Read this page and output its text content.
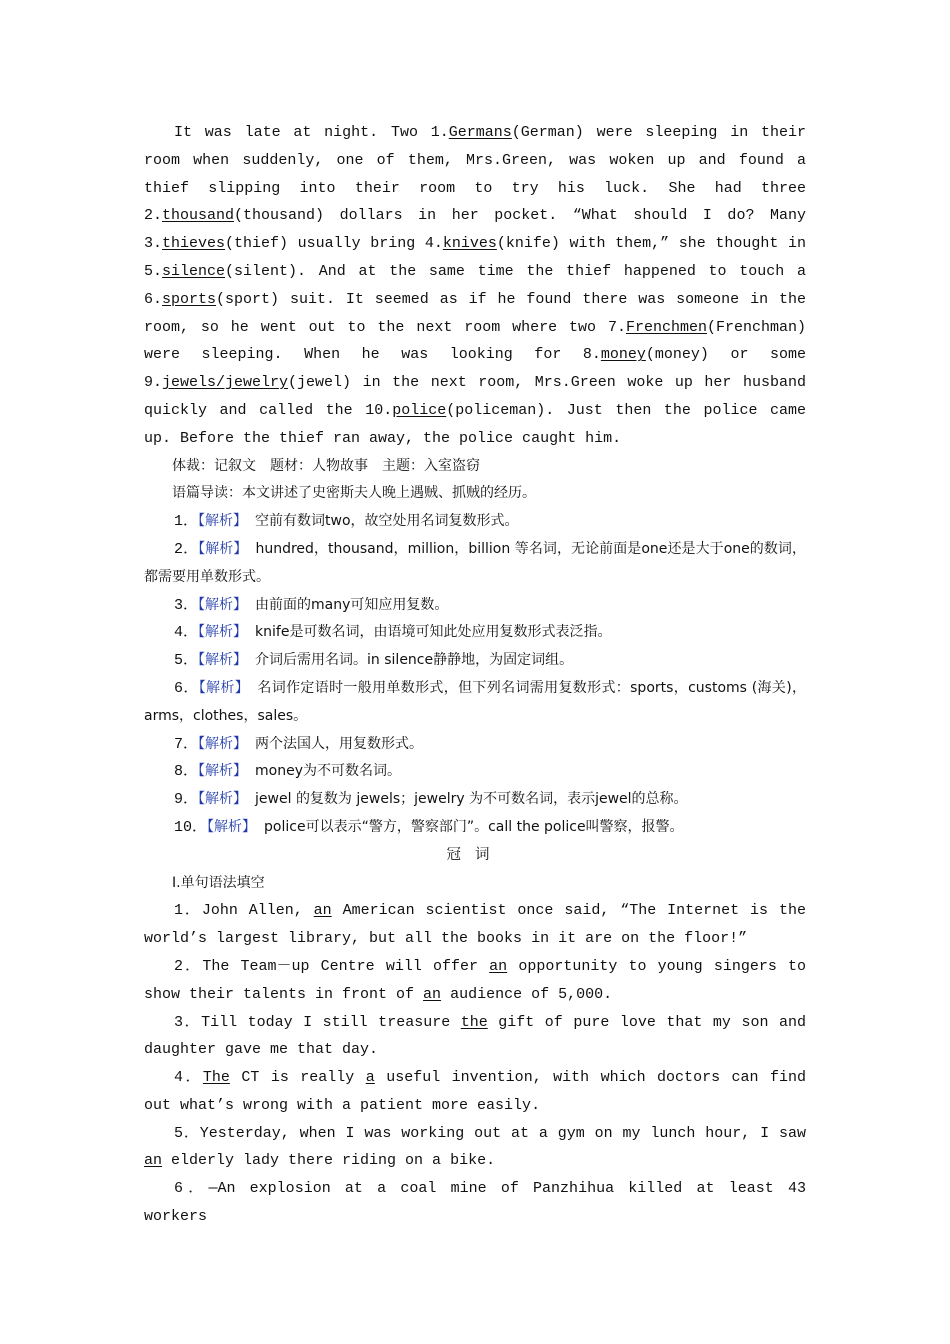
It was late at night. Two 1.Germans(German) were sleeping in their room when suddenly, one of them, Mrs.Green, was woken up and found a thief slipping into their room to try his luck. She had three 2.thousand(thousand) dollars in her pocket. “What should I do? Many 3.thieves(thief) usually bring 4.knives(knife) with them,” she thought in 5.silence(silent). And at the same time the thief happened to touch a 6.sports(sport) suit. It seemed as if he found there was someone in the room, so he went out to the next room where two 7.Frenchmen(Frenchman) were sleeping. When he was looking for 8.money(money) or some 9.jewels/jewelry(jewel) in the next room, Mrs.Green woke up her husband quickly and called the 10.police(policeman). Just then the police came up. Before the thief ran away, the police caught him.

体裁：记叙文　题材：人物故事　主题：入室盗窃

语篇导读：本文讲述了史密斯夫人晚上遇贼、抓贼的经历。

1．【解析】　 空前有数词two，故空处用名词复数形式。

2．【解析】　 hundred，thousand，million，billion 等名词，无论前面是one还是大于one的数词，都需要用单数形式。

3．【解析】　 由前面的many可知应用复数。

4．【解析】　 knife是可数名词，由语境可知此处应用复数形式表泛指。

5．【解析】　 介词后需用名词。in silence静静地，为固定词组。

6．【解析】　 名词作定语时一般用单数形式，但下列名词需用复数形式：sports，customs (海关)，arms，clothes，sales。

7．【解析】　 两个法国人，用复数形式。

8．【解析】　 money为不可数名词。

9．【解析】　 jewel 的复数为 jewels；jewelry 为不可数名词，表示jewel的总称。

10．【解析】　 police可以表示“警方，警察部门”。call the police叫警察，报警。

冠词

Ⅰ.单句语法填空

1．John Allen, an American scientist once said, “The Internet is the world’s largest library, but all the books in it are on the floor!”

2．The Team－up Centre will offer an opportunity to young singers to show their talents in front of an audience of 5,000.

3．Till today I still treasure the gift of pure love that my son and daughter gave me that day.

4．The CT is really a useful invention, with which doctors can find out what’s wrong with a patient more easily.

5．Yesterday, when I was working out at a gym on my lunch hour, I saw an elderly lady there riding on a bike.

6．—An explosion at a coal mine of Panzhihua killed at least 43 workers
